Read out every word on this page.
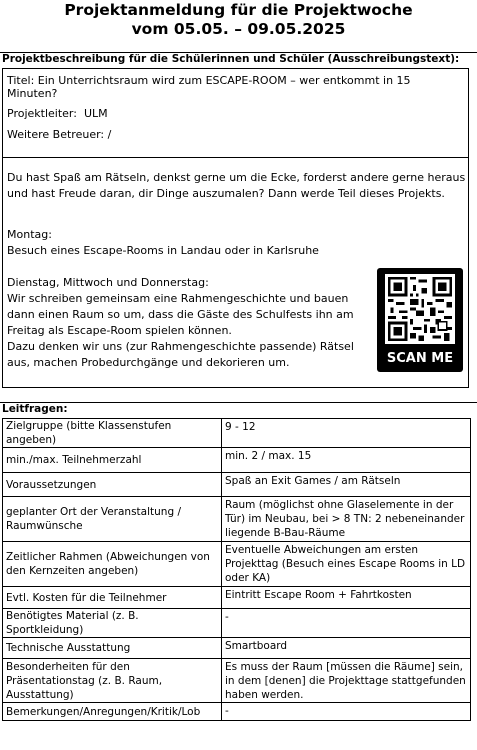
Projektanmeldung für die Projektwoche
vom 05.05. – 09.05.2025
Projektbeschreibung für die Schülerinnen und Schüler (Ausschreibungstext):
Titel: Ein Unterrichtsraum wird zum ESCAPE-ROOM – wer entkommt in 15
Minuten?
Projektleiter:  ULM
Weitere Betreuer: /
Du hast Spaß am Rätseln, denkst gerne um die Ecke, forderst andere gerne heraus
und hast Freude daran, dir Dinge auszumalen? Dann werde Teil dieses Projekts.
Montag:
Besuch eines Escape-Rooms in Landau oder in Karlsruhe
Dienstag, Mittwoch und Donnerstag:
Wir schreiben gemeinsam eine Rahmengeschichte und bauen
dann einen Raum so um, dass die Gäste des Schulfests ihn am
Freitag als Escape-Room spielen können.
Dazu denken wir uns (zur Rahmengeschichte passende) Rätsel
aus, machen Probedurchgänge und dekorieren um.	SCAN ME
Leitfragen:
Zielgruppe (bitte Klassenstufen angeben)	9 - 12
min./max. Teilnehmerzahl	min. 2 / max. 15
Voraussetzungen	Spaß an Exit Games / am Rätseln
geplanter Ort der Veranstaltung / Raumwünsche	Raum (möglichst ohne Glaselemente in der Tür) im Neubau, bei > 8 TN: 2 nebeneinander liegende B-Bau-Räume
Zeitlicher Rahmen (Abweichungen von den Kernzeiten angeben)	Eventuelle Abweichungen am ersten Projekttag (Besuch eines Escape Rooms in LD oder KA)
Evtl. Kosten für die Teilnehmer	Eintritt Escape Room + Fahrtkosten
Benötigtes Material (z. B. Sportkleidung)	-
Technische Ausstattung	Smartboard
Besonderheiten für den Präsentationstag (z. B. Raum, Ausstattung)	Es muss der Raum [müssen die Räume] sein, in dem [denen] die Projekttage stattgefunden haben werden.
Bemerkungen/Anregungen/Kritik/Lob	-
